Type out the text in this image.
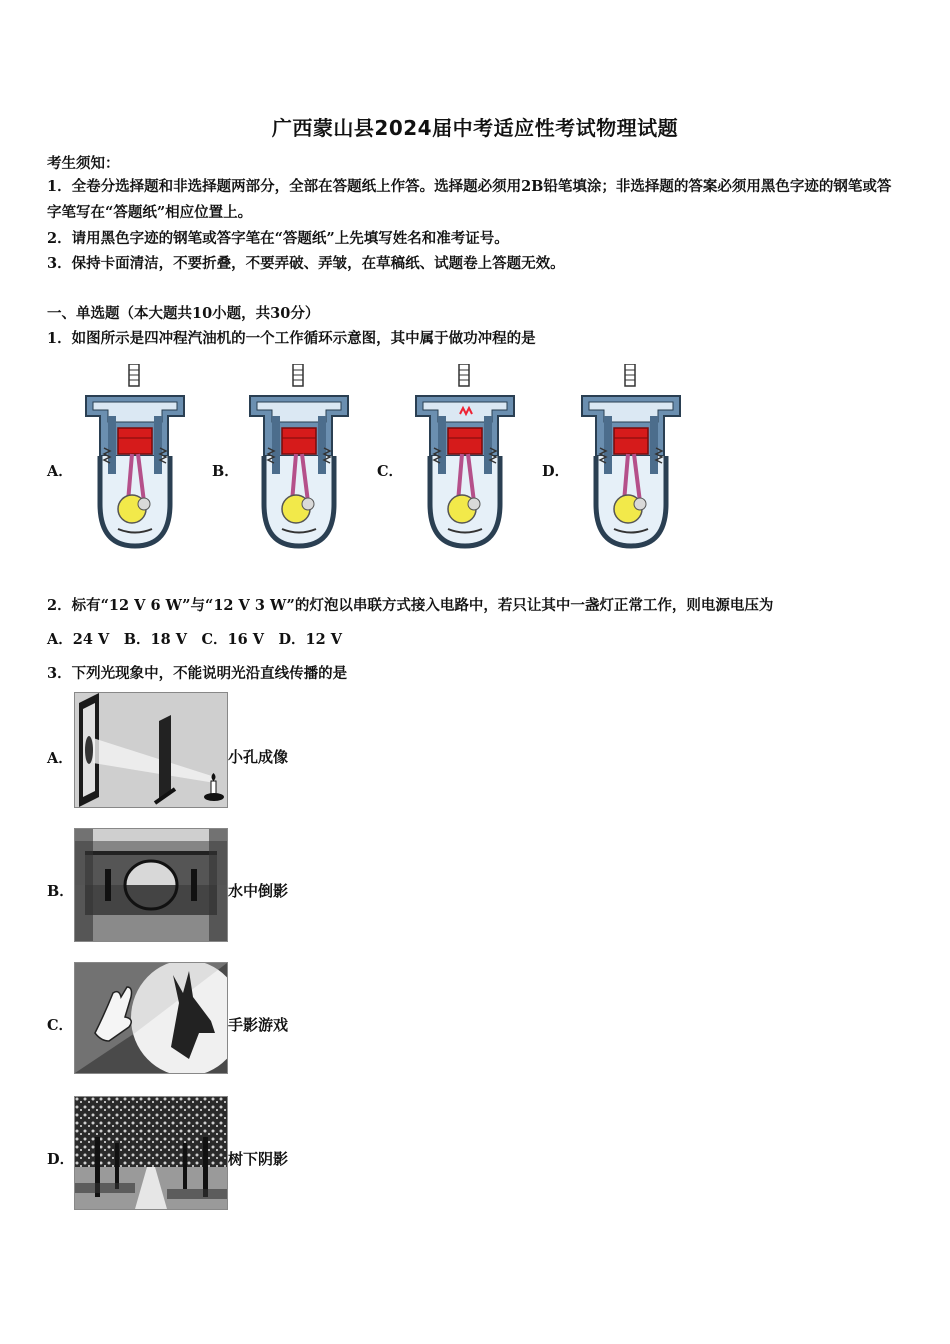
广西蒙山县2024届中考适应性考试物理试题
考生须知：
1．全卷分选择题和非选择题两部分，全部在答题纸上作答。选择题必须用2B铅笔填涂；非选择题的答案必须用黑色字迹的钢笔或答字笔写在“答题纸”相应位置上。
2．请用黑色字迹的钢笔或答字笔在“答题纸”上先填写姓名和准考证号。
3．保持卡面清洁，不要折叠，不要弄破、弄皱，在草稿纸、试题卷上答题无效。
一、单选题（本大题共10小题，共30分）
1．如图所示是四冲程汽油机的一个工作循环示意图，其中属于做功冲程的是
A．	B．	C．	D．
2．标有“12 V 6 W”与“12 V 3 W”的灯泡以串联方式接入电路中，若只让其中一盏灯正常工作，则电源电压为
A．24 V　B．18 V　C．16 V　D．12 V
3．下列光现象中，不能说明光沿直线传播的是
A．	小孔成像
B．	水中倒影
C．	手影游戏
D．	树下阴影
